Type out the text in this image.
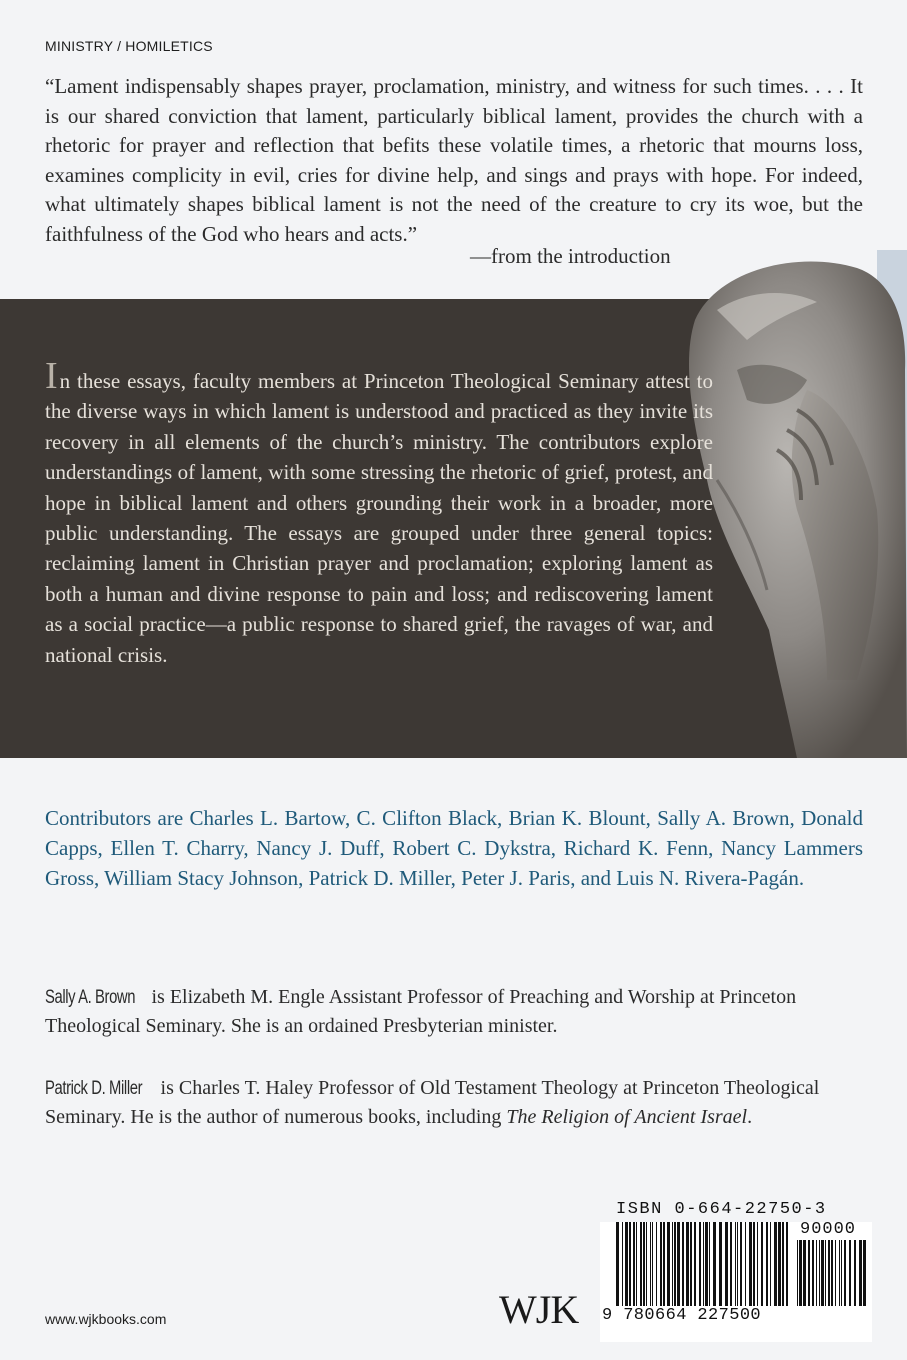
MINISTRY / HOMILETICS

“Lament indispensably shapes prayer, proclamation, ministry, and witness for such times. . . . It is our shared conviction that lament, particularly biblical lament, provides the church with a rhetoric for prayer and reflection that befits these volatile times, a rhetoric that mourns loss, examines complicity in evil, cries for divine help, and sings and prays with hope. For indeed, what ultimately shapes biblical lament is not the need of the creature to cry its woe, but the faithfulness of the God who hears and acts.”

—from the introduction

In these essays, faculty members at Princeton Theological Seminary attest to the diverse ways in which lament is understood and practiced as they invite its recovery in all elements of the church’s ministry. The contributors explore understandings of lament, with some stressing the rhetoric of grief, protest, and hope in biblical lament and others grounding their work in a broader, more public understanding. The essays are grouped under three general topics: reclaiming lament in Christian prayer and proclamation; exploring lament as both a human and divine response to pain and loss; and rediscovering lament as a social practice—a public response to shared grief, the ravages of war, and national crisis.

Contributors are Charles L. Bartow, C. Clifton Black, Brian K. Blount, Sally A. Brown, Donald Capps, Ellen T. Charry, Nancy J. Duff, Robert C. Dykstra, Richard K. Fenn, Nancy Lammers Gross, William Stacy Johnson, Patrick D. Miller, Peter J. Paris, and Luis N. Rivera-Pagán.

Sally A. Brown is Elizabeth M. Engle Assistant Professor of Preaching and Worship at Princeton Theological Seminary. She is an ordained Presbyterian minister.

Patrick D. Miller is Charles T. Haley Professor of Old Testament Theology at Princeton Theological Seminary. He is the author of numerous books, including The Religion of Ancient Israel.

ISBN 0-664-22750-3
90000
9 780664 227500
WJK
www.wjkbooks.com
